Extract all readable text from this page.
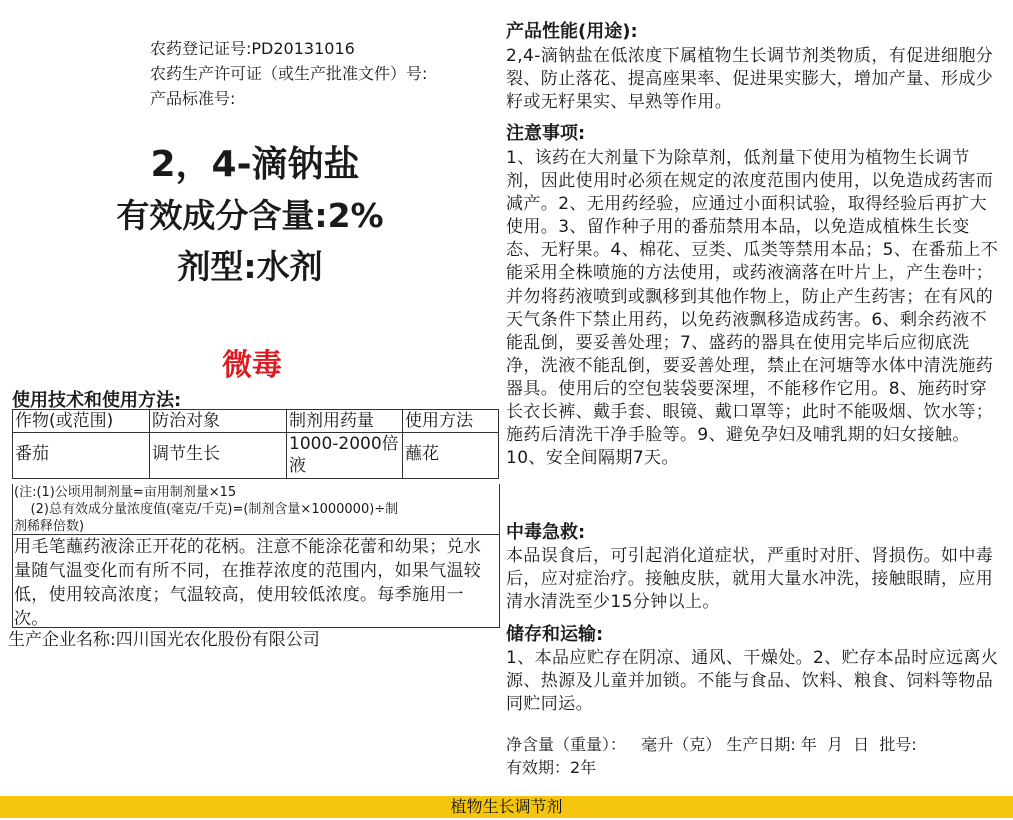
农药登记证号:PD20131016
农药生产许可证（或生产批准文件）号:
产品标准号:
2，4-滴钠盐
有效成分含量:2%
剂型:水剂
微毒
使用技术和使用方法:
作物(或范围)	防治对象	制剂用药量	使用方法
番茄	调节生长	1000-2000倍液	蘸花
(注:(1)公顷用制剂量=亩用制剂量×15
(2)总有效成分量浓度值(毫克/千克)=(制剂含量×1000000)÷制
剂稀释倍数)
用毛笔蘸药液涂正开花的花柄。注意不能涂花蕾和幼果；兑水量随气温变化而有所不同，在推荐浓度的范围内，如果气温较低，使用较高浓度；气温较高，使用较低浓度。每季施用一次。
生产企业名称:四川国光农化股份有限公司
产品性能(用途):
2,4-滴钠盐在低浓度下属植物生长调节剂类物质，有促进细胞分裂、防止落花、提高座果率、促进果实膨大，增加产量、形成少籽或无籽果实、早熟等作用。
注意事项:
1、该药在大剂量下为除草剂，低剂量下使用为植物生长调节剂，因此使用时必须在规定的浓度范围内使用，以免造成药害而减产。2、无用药经验，应通过小面积试验，取得经验后再扩大使用。3、留作种子用的番茄禁用本品，以免造成植株生长变态、无籽果。4、棉花、豆类、瓜类等禁用本品；5、在番茄上不能采用全株喷施的方法使用，或药液滴落在叶片上，产生卷叶；并勿将药液喷到或飘移到其他作物上，防止产生药害；在有风的天气条件下禁止用药，以免药液飘移造成药害。6、剩余药液不能乱倒，要妥善处理；7、盛药的器具在使用完毕后应彻底洗净，洗液不能乱倒，要妥善处理，禁止在河塘等水体中清洗施药器具。使用后的空包装袋要深埋，不能移作它用。8、施药时穿长衣长裤、戴手套、眼镜、戴口罩等；此时不能吸烟、饮水等；施药后清洗干净手脸等。9、避免孕妇及哺乳期的妇女接触。10、安全间隔期7天。
中毒急救:
本品误食后，可引起消化道症状，严重时对肝、肾损伤。如中毒后，应对症治疗。接触皮肤，就用大量水冲洗，接触眼睛，应用清水清洗至少15分钟以上。
储存和运输:
1、本品应贮存在阴凉、通风、干燥处。2、贮存本品时应远离火源、热源及儿童并加锁。不能与食品、饮料、粮食、饲料等物品同贮同运。
净含量（重量）：   毫升（克） 生产日期: 年  月  日  批号:
有效期：2年
植物生长调节剂
